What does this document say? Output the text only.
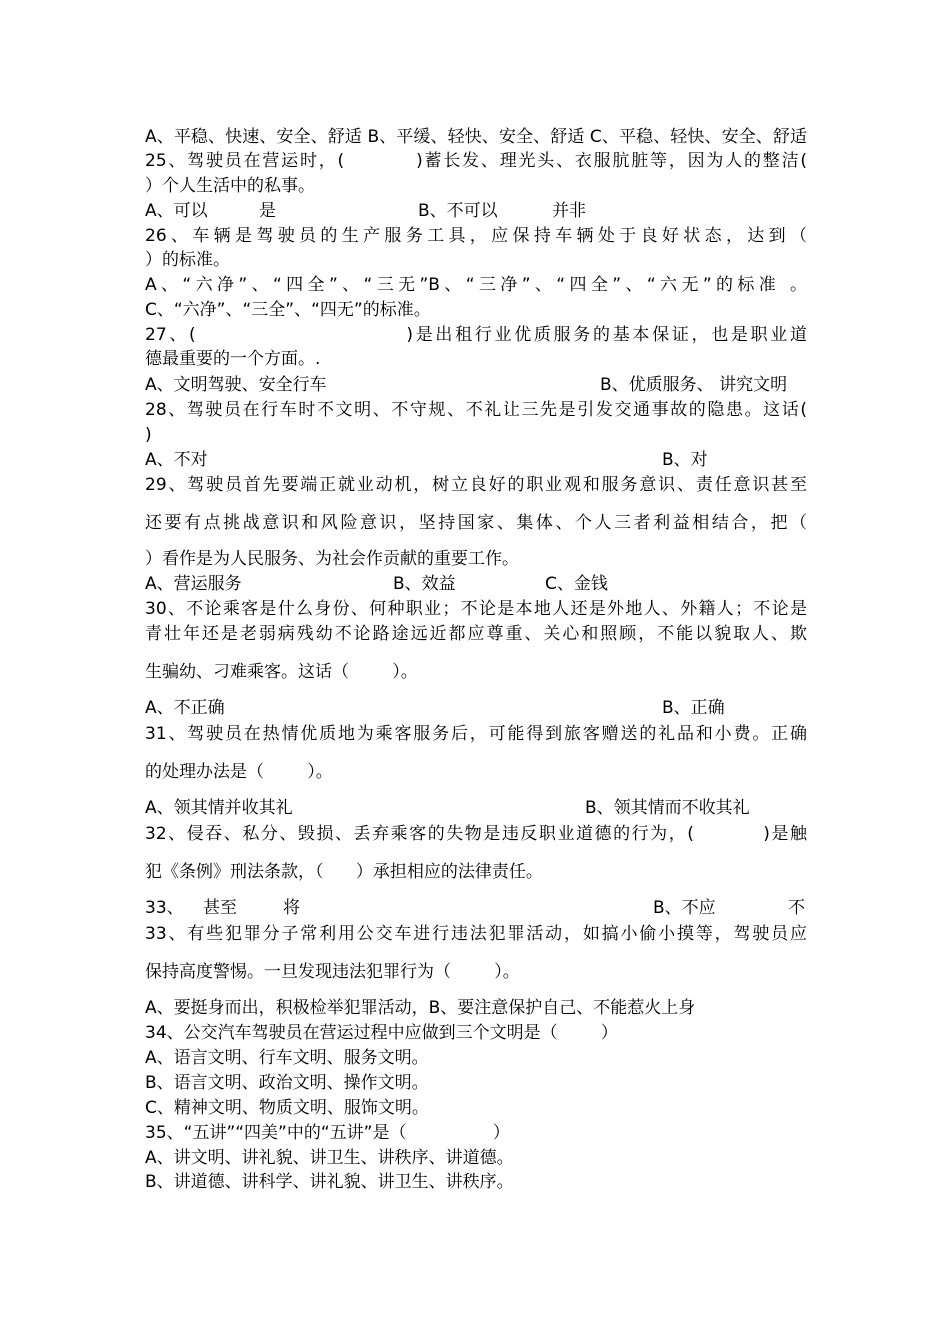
A、平稳、快速、安全、舒适 B、平缓、轻快、安全、舒适 C、平稳、轻快、安全、舒适
25、驾驶员在营运时，(          )蓄长发、理光头、衣服肮脏等，因为人的整洁(
）个人生活中的私事。
A、可以	是	B、不可以	并非
26、车辆是驾驶员的生产服务工具，应保持车辆处于良好状态，达到（
）的标准。
A、“六净”、“四全”、“三无”B、“三净”、“四全”、“六无”的标准 。
C、“六净”、“三全”、“四无”的标准。
27、(                          )是出租行业优质服务的基本保证，也是职业道
德最重要的一个方面。.
A、文明驾驶、安全行车	B、优质服务、 讲究文明
28、驾驶员在行车时不文明、不守规、不礼让三先是引发交通事故的隐患。这话(
)
A、不对	B、对
29、驾驶员首先要端正就业动机，树立良好的职业观和服务意识、责任意识甚至
还要有点挑战意识和风险意识，坚持国家、集体、个人三者利益相结合，把（
）看作是为人民服务、为社会作贡献的重要工作。
A、营运服务	B、效益	C、金钱
30、不论乘客是什么身份、何种职业；不论是本地人还是外地人、外籍人；不论是
青壮年还是老弱病残幼不论路途远近都应尊重、关心和照顾，不能以貌取人、欺
生骗幼、刁难乘客。这话（        ）。
A、不正确	B、正确
31、驾驶员在热情优质地为乘客服务后，可能得到旅客赠送的礼品和小费。正确
的处理办法是（        ）。
A、领其情并收其礼	B、领其情而不收其礼
32、侵吞、私分、毁损、丢弃乘客的失物是违反职业道德的行为，(          )是触
犯《条例》刑法条款，（      ）承担相应的法律责任。
33、 甚至	将	B、不应	不
33、有些犯罪分子常利用公交车进行违法犯罪活动，如搞小偷小摸等，驾驶员应
保持高度警惕。一旦发现违法犯罪行为（        ）。
A、要挺身而出，积极检举犯罪活动，B、要注意保护自己、不能惹火上身
34、公交汽车驾驶员在营运过程中应做到三个文明是（        ）
A、语言文明、行车文明、服务文明。
B、语言文明、政治文明、操作文明。
C、精神文明、物质文明、服饰文明。
35、“五讲”“四美”中的“五讲”是（                ）
A、讲文明、讲礼貌、讲卫生、讲秩序、讲道德。
B、讲道德、讲科学、讲礼貌、讲卫生、讲秩序。
